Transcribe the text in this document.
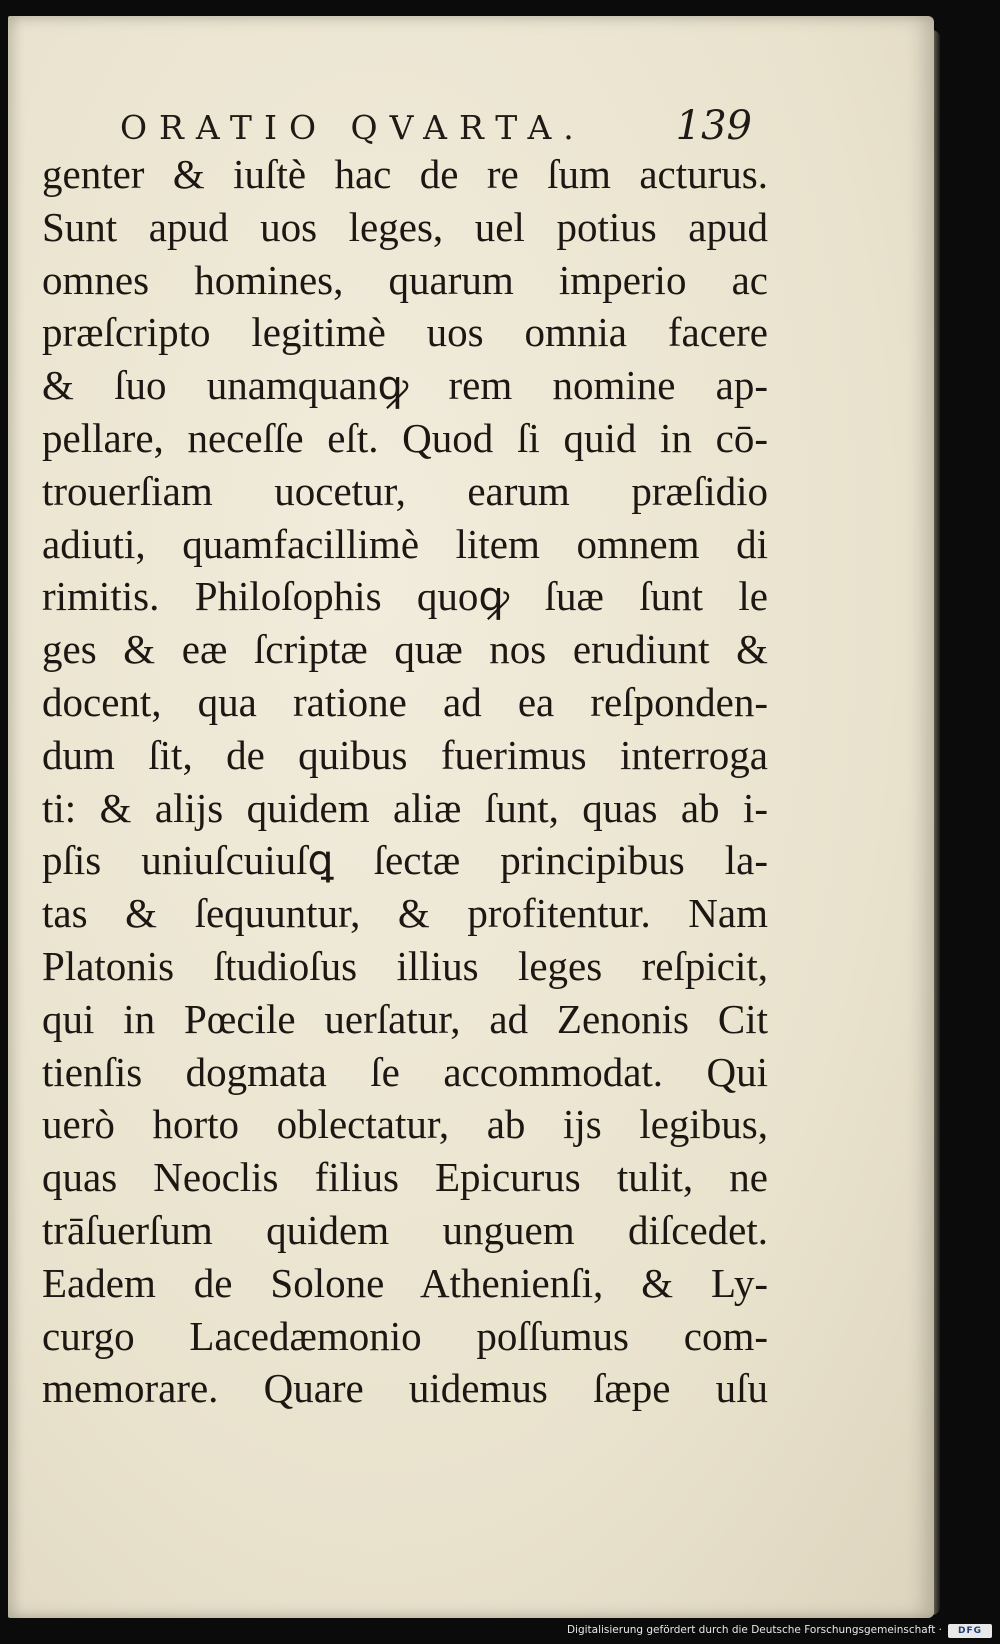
ORATIO QVARTA. 139
genter & iuſtè hac de re ſum acturus.
Sunt apud uos leges, uel potius apud
omnes homines, quarum imperio ac
præſcripto legitimè uos omnia facere
& ſuo unamquanꝙ rem nomine ap-
pellare, neceſſe eſt. Quod ſi quid in cō-
trouerſiam uocetur, earum præſidio
adiuti, quamfacillimè litem omnem di
rimitis. Philoſophis quoꝙ ſuæ ſunt le
ges & eæ ſcriptæ quæ nos erudiunt &
docent, qua ratione ad ea reſponden-
dum ſit, de quibus fuerimus interroga
ti: & alijs quidem aliæ ſunt, quas ab i-
pſis uniuſcuiuſꝗ ſectæ principibus la-
tas & ſequuntur, & profitentur. Nam
Platonis ſtudioſus illius leges reſpicit,
qui in Pœcile uerſatur, ad Zenonis Cit
tienſis dogmata ſe accommodat. Qui
uerò horto oblectatur, ab ijs legibus,
quas Neoclis filius Epicurus tulit, ne
trāſuerſum quidem unguem diſcedet.
Eadem de Solone Athenienſi, & Ly-
curgo Lacedæmonio poſſumus com-
memorare. Quare uidemus ſæpe uſu
Digitalisierung gefördert durch die Deutsche Forschungsgemeinschaft ·	DFG
